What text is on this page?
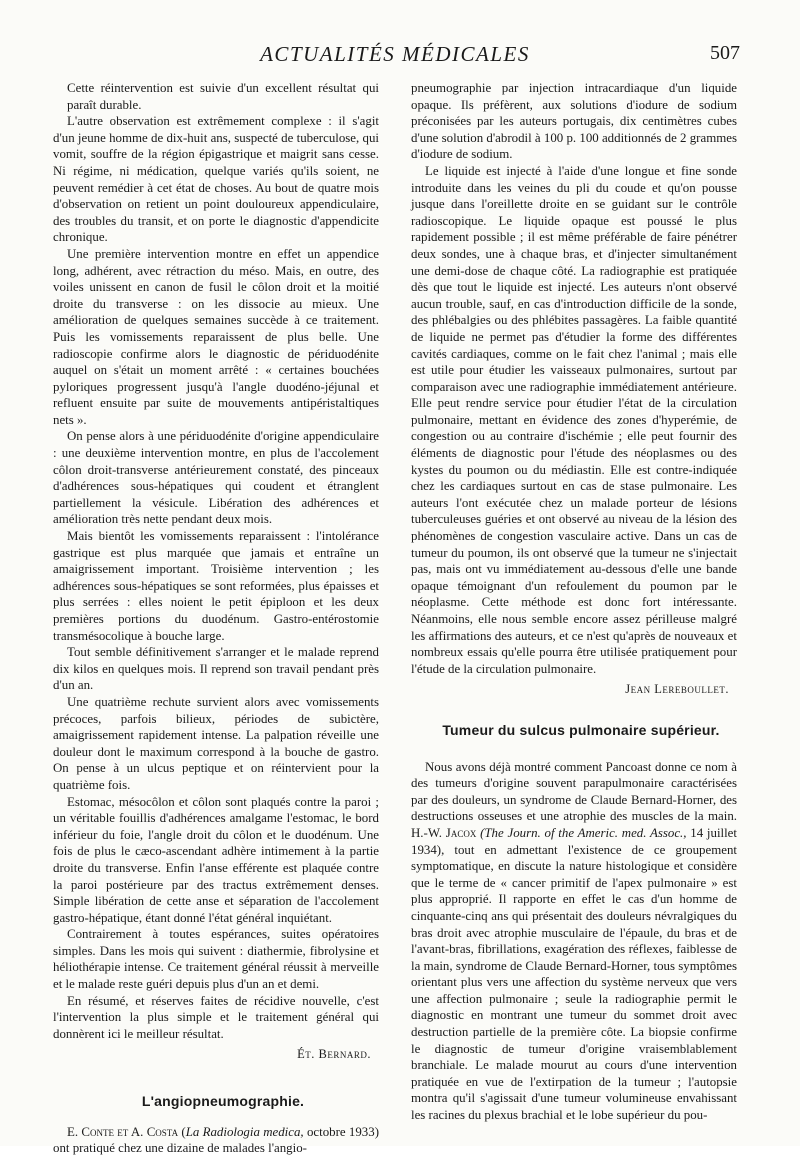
ACTUALITÉS MÉDICALES	507

Cette réintervention est suivie d'un excellent résultat qui paraît durable.

L'autre observation est extrêmement complexe : il s'agit d'un jeune homme de dix-huit ans, suspecté de tuberculose, qui vomit, souffre de la région épigastrique et maigrit sans cesse. Ni régime, ni médication, quelque variés qu'ils soient, ne peuvent remédier à cet état de choses. Au bout de quatre mois d'observation on retient un point douloureux appendiculaire, des troubles du transit, et on porte le diagnostic d'appendicite chronique.

Une première intervention montre en effet un appendice long, adhérent, avec rétraction du méso. Mais, en outre, des voiles unissent en canon de fusil le côlon droit et la moitié droite du transverse : on les dissocie au mieux. Une amélioration de quelques semaines succède à ce traitement. Puis les vomissements reparaissent de plus belle. Une radioscopie confirme alors le diagnostic de périduodénite auquel on s'était un moment arrêté : « certaines bouchées pyloriques progressent jusqu'à l'angle duodéno-jéjunal et refluent ensuite par suite de mouvements antipéristaltiques nets ».

On pense alors à une périduodénite d'origine appendiculaire : une deuxième intervention montre, en plus de l'accolement côlon droit-transverse antérieurement constaté, des pinceaux d'adhérences sous-hépatiques qui coudent et étranglent partiellement la vésicule. Libération des adhérences et amélioration très nette pendant deux mois.

Mais bientôt les vomissements reparaissent : l'intolérance gastrique est plus marquée que jamais et entraîne un amaigrissement important. Troisième intervention ; les adhérences sous-hépatiques se sont reformées, plus épaisses et plus serrées : elles noient le petit épiploon et les deux premières portions du duodénum. Gastro-entérostomie transmésocolique à bouche large.

Tout semble définitivement s'arranger et le malade reprend dix kilos en quelques mois. Il reprend son travail pendant près d'un an.

Une quatrième rechute survient alors avec vomissements précoces, parfois bilieux, périodes de subictère, amaigrissement rapidement intense. La palpation réveille une douleur dont le maximum correspond à la bouche de gastro. On pense à un ulcus peptique et on réintervient pour la quatrième fois.

Estomac, mésocôlon et côlon sont plaqués contre la paroi ; un véritable fouillis d'adhérences amalgame l'estomac, le bord inférieur du foie, l'angle droit du côlon et le duodénum. Une fois de plus le cæco-ascendant adhère intimement à la partie droite du transverse. Enfin l'anse efférente est plaquée contre la paroi postérieure par des tractus extrêmement denses. Simple libération de cette anse et séparation de l'accolement gastro-hépatique, étant donné l'état général inquiétant.

Contrairement à toutes espérances, suites opératoires simples. Dans les mois qui suivent : diathermie, fibrolysine et héliothérapie intense. Ce traitement général réussit à merveille et le malade reste guéri depuis plus d'un an et demi.

En résumé, et réserves faites de récidive nouvelle, c'est l'intervention la plus simple et le traitement général qui donnèrent ici le meilleur résultat.

Ét. Bernard.

L'angiopneumographie.

E. Conte et A. Costa (La Radiologia medica, octobre 1933) ont pratiqué chez une dizaine de malades l'angio-

pneumographie par injection intracardiaque d'un liquide opaque. Ils préfèrent, aux solutions d'iodure de sodium préconisées par les auteurs portugais, dix centimètres cubes d'une solution d'abrodil à 100 p. 100 additionnés de 2 grammes d'iodure de sodium.

Le liquide est injecté à l'aide d'une longue et fine sonde introduite dans les veines du pli du coude et qu'on pousse jusque dans l'oreillette droite en se guidant sur le contrôle radioscopique. Le liquide opaque est poussé le plus rapidement possible ; il est même préférable de faire pénétrer deux sondes, une à chaque bras, et d'injecter simultanément une demi-dose de chaque côté. La radiographie est pratiquée dès que tout le liquide est injecté. Les auteurs n'ont observé aucun trouble, sauf, en cas d'introduction difficile de la sonde, des phlébalgies ou des phlébites passagères. La faible quantité de liquide ne permet pas d'étudier la forme des différentes cavités cardiaques, comme on le fait chez l'animal ; mais elle est utile pour étudier les vaisseaux pulmonaires, surtout par comparaison avec une radiographie immédiatement antérieure. Elle peut rendre service pour étudier l'état de la circulation pulmonaire, mettant en évidence des zones d'hyperémie, de congestion ou au contraire d'ischémie ; elle peut fournir des éléments de diagnostic pour l'étude des néoplasmes ou des kystes du poumon ou du médiastin. Elle est contre-indiquée chez les cardiaques surtout en cas de stase pulmonaire. Les auteurs l'ont exécutée chez un malade porteur de lésions tuberculeuses guéries et ont observé au niveau de la lésion des phénomènes de congestion vasculaire active. Dans un cas de tumeur du poumon, ils ont observé que la tumeur ne s'injectait pas, mais ont vu immédiatement au-dessous d'elle une bande opaque témoignant d'un refoulement du poumon par le néoplasme. Cette méthode est donc fort intéressante. Néanmoins, elle nous semble encore assez périlleuse malgré les affirmations des auteurs, et ce n'est qu'après de nouveaux et nombreux essais qu'elle pourra être utilisée pratiquement pour l'étude de la circulation pulmonaire.

Jean Lereboullet.

Tumeur du sulcus pulmonaire supérieur.

Nous avons déjà montré comment Pancoast donne ce nom à des tumeurs d'origine souvent parapulmonaire caractérisées par des douleurs, un syndrome de Claude Bernard-Horner, des destructions osseuses et une atrophie des muscles de la main. H.-W. Jacox (The Journ. of the Americ. med. Assoc., 14 juillet 1934), tout en admettant l'existence de ce groupement symptomatique, en discute la nature histologique et considère que le terme de « cancer primitif de l'apex pulmonaire » est plus approprié. Il rapporte en effet le cas d'un homme de cinquante-cinq ans qui présentait des douleurs névralgiques du bras droit avec atrophie musculaire de l'épaule, du bras et de l'avant-bras, fibrillations, exagération des réflexes, faiblesse de la main, syndrome de Claude Bernard-Horner, tous symptômes orientant plus vers une affection du système nerveux que vers une affection pulmonaire ; seule la radiographie permit le diagnostic en montrant une tumeur du sommet droit avec destruction partielle de la première côte. La biopsie confirme le diagnostic de tumeur d'origine vraisemblablement branchiale. Le malade mourut au cours d'une intervention pratiquée en vue de l'extirpation de la tumeur ; l'autopsie montra qu'il s'agissait d'une tumeur volumineuse envahissant les racines du plexus brachial et le lobe supérieur du pou-
